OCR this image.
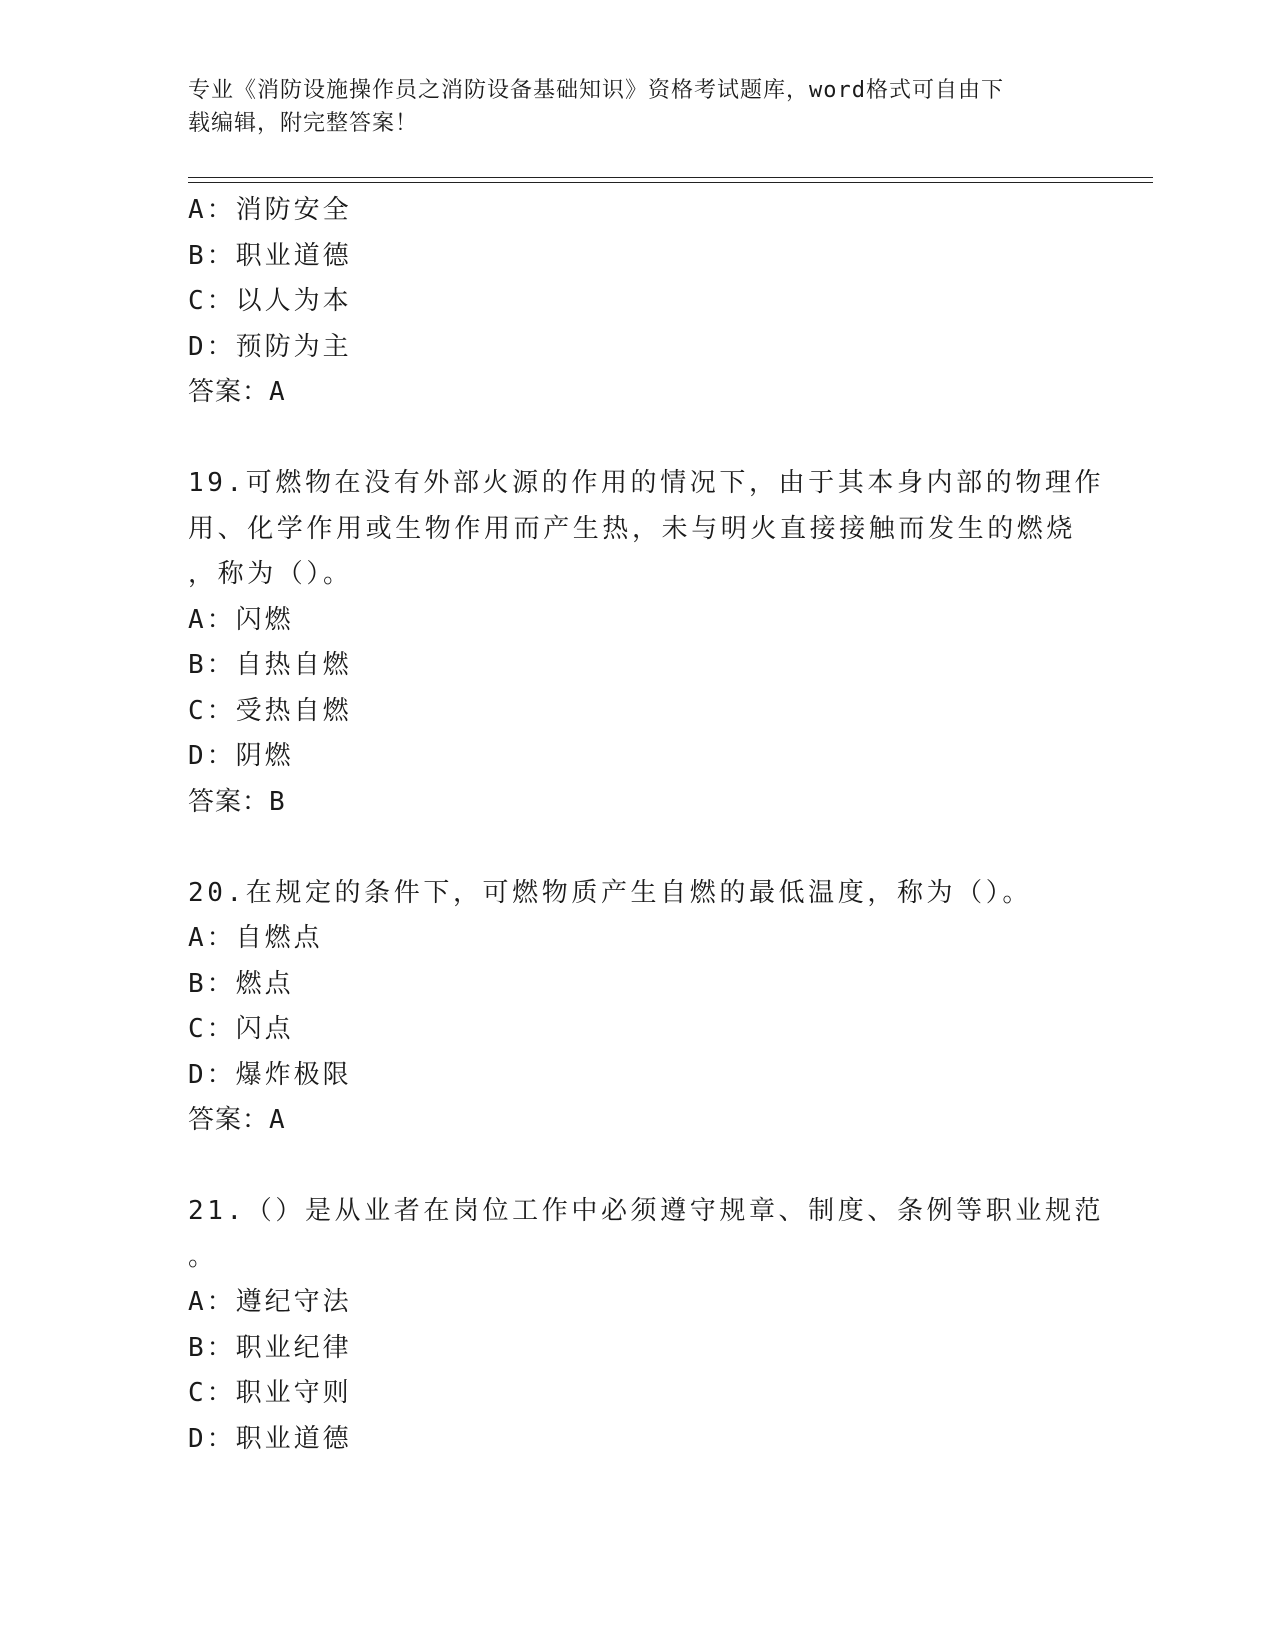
专业《消防设施操作员之消防设备基础知识》资格考试题库，word格式可自由下
载编辑，附完整答案！
A：消防安全
B：职业道德
C：以人为本
D：预防为主
答案：A
19.可燃物在没有外部火源的作用的情况下，由于其本身内部的物理作
用、化学作用或生物作用而产生热，未与明火直接接触而发生的燃烧
，称为（）。
A：闪燃
B：自热自燃
C：受热自燃
D：阴燃
答案：B
20.在规定的条件下，可燃物质产生自燃的最低温度，称为（）。
A：自燃点
B：燃点
C：闪点
D：爆炸极限
答案：A
21.（）是从业者在岗位工作中必须遵守规章、制度、条例等职业规范
。
A：遵纪守法
B：职业纪律
C：职业守则
D：职业道德
